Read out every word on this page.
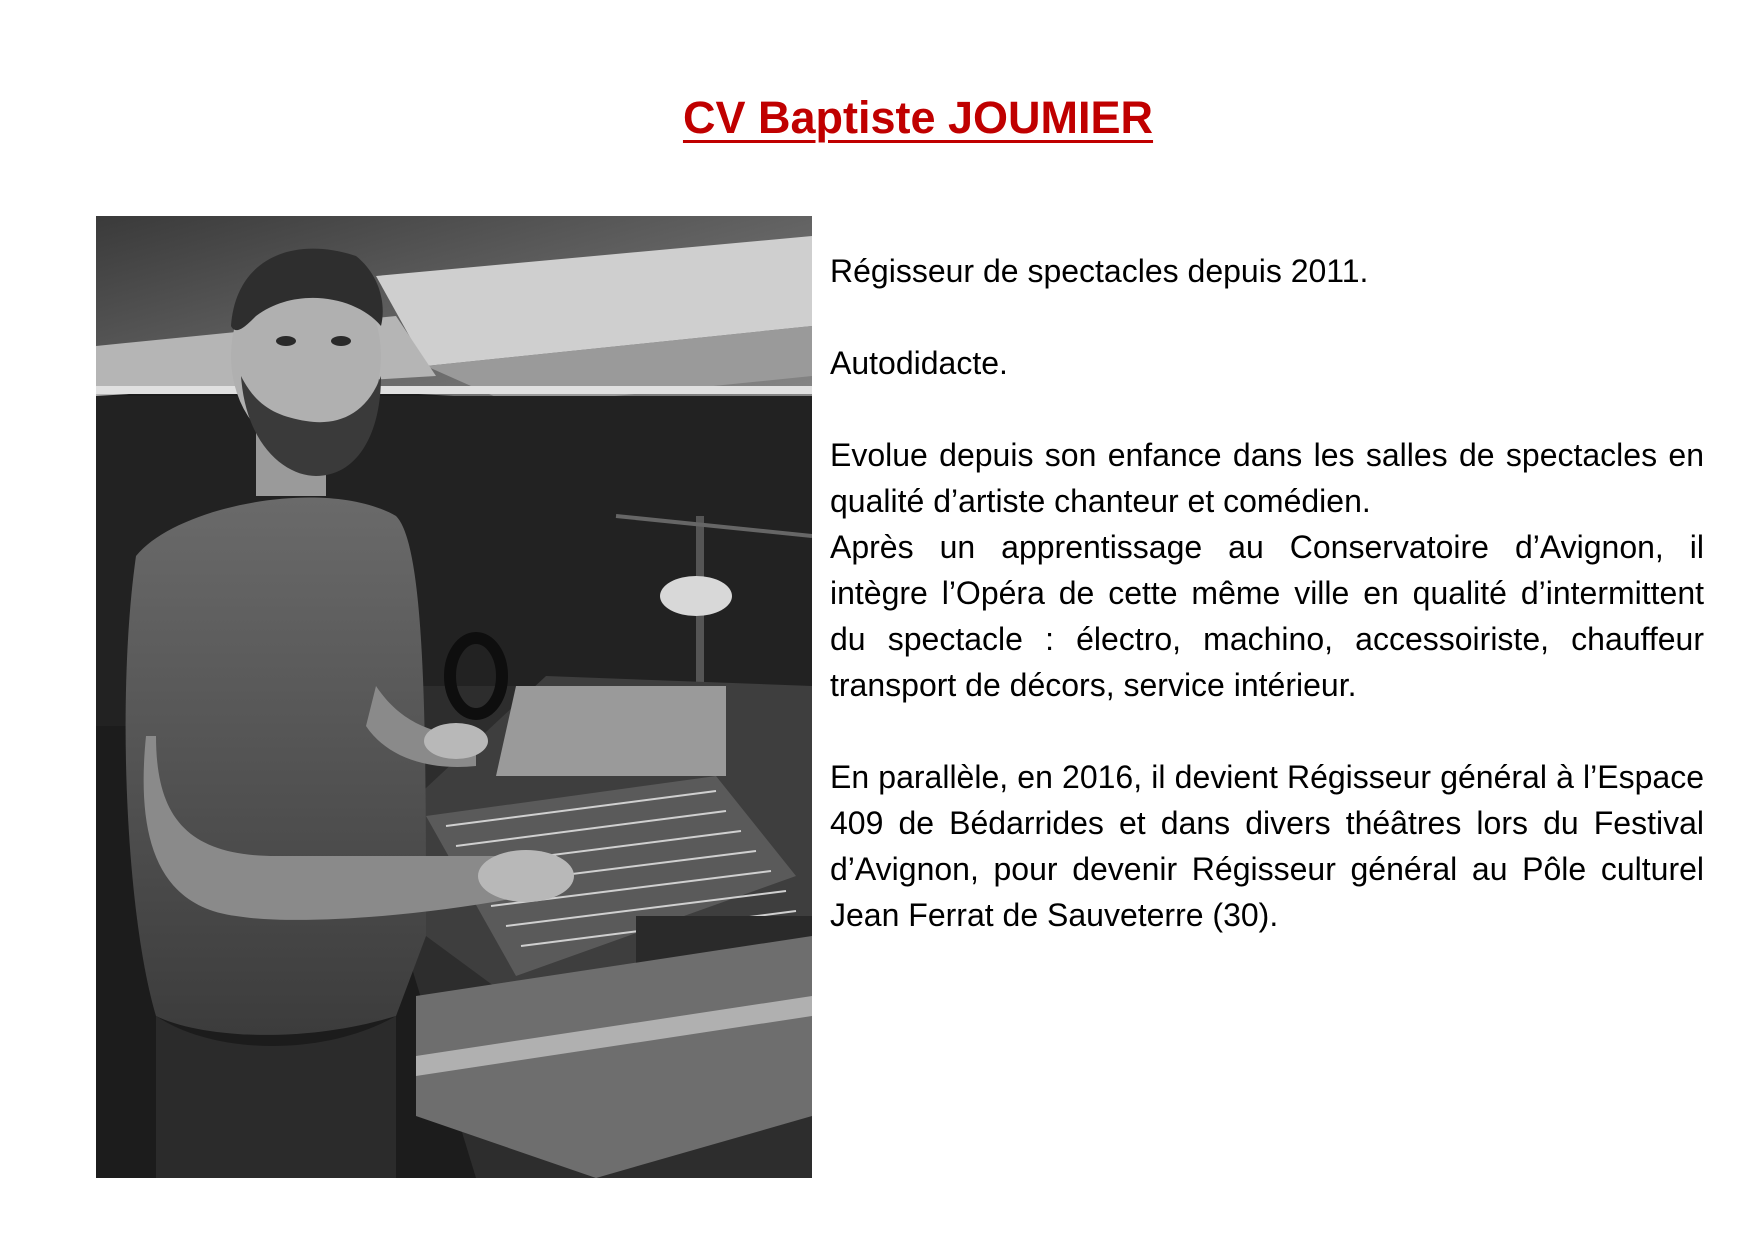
CV Baptiste JOUMIER

Régisseur de spectacles depuis 2011.

Autodidacte.

Evolue depuis son enfance dans les salles de spectacles en qualité d’artiste chanteur et comédien.

Après un apprentissage au Conservatoire d’Avignon, il intègre l’Opéra de cette même ville en qualité d’intermittent du spectacle : électro, machino, accessoiriste, chauffeur transport de décors, service intérieur.

En parallèle, en 2016, il devient Régisseur général à l’Espace 409 de Bédarrides et dans divers théâtres lors du Festival d’Avignon, pour devenir Régisseur général au Pôle culturel Jean Ferrat de Sauveterre (30).
